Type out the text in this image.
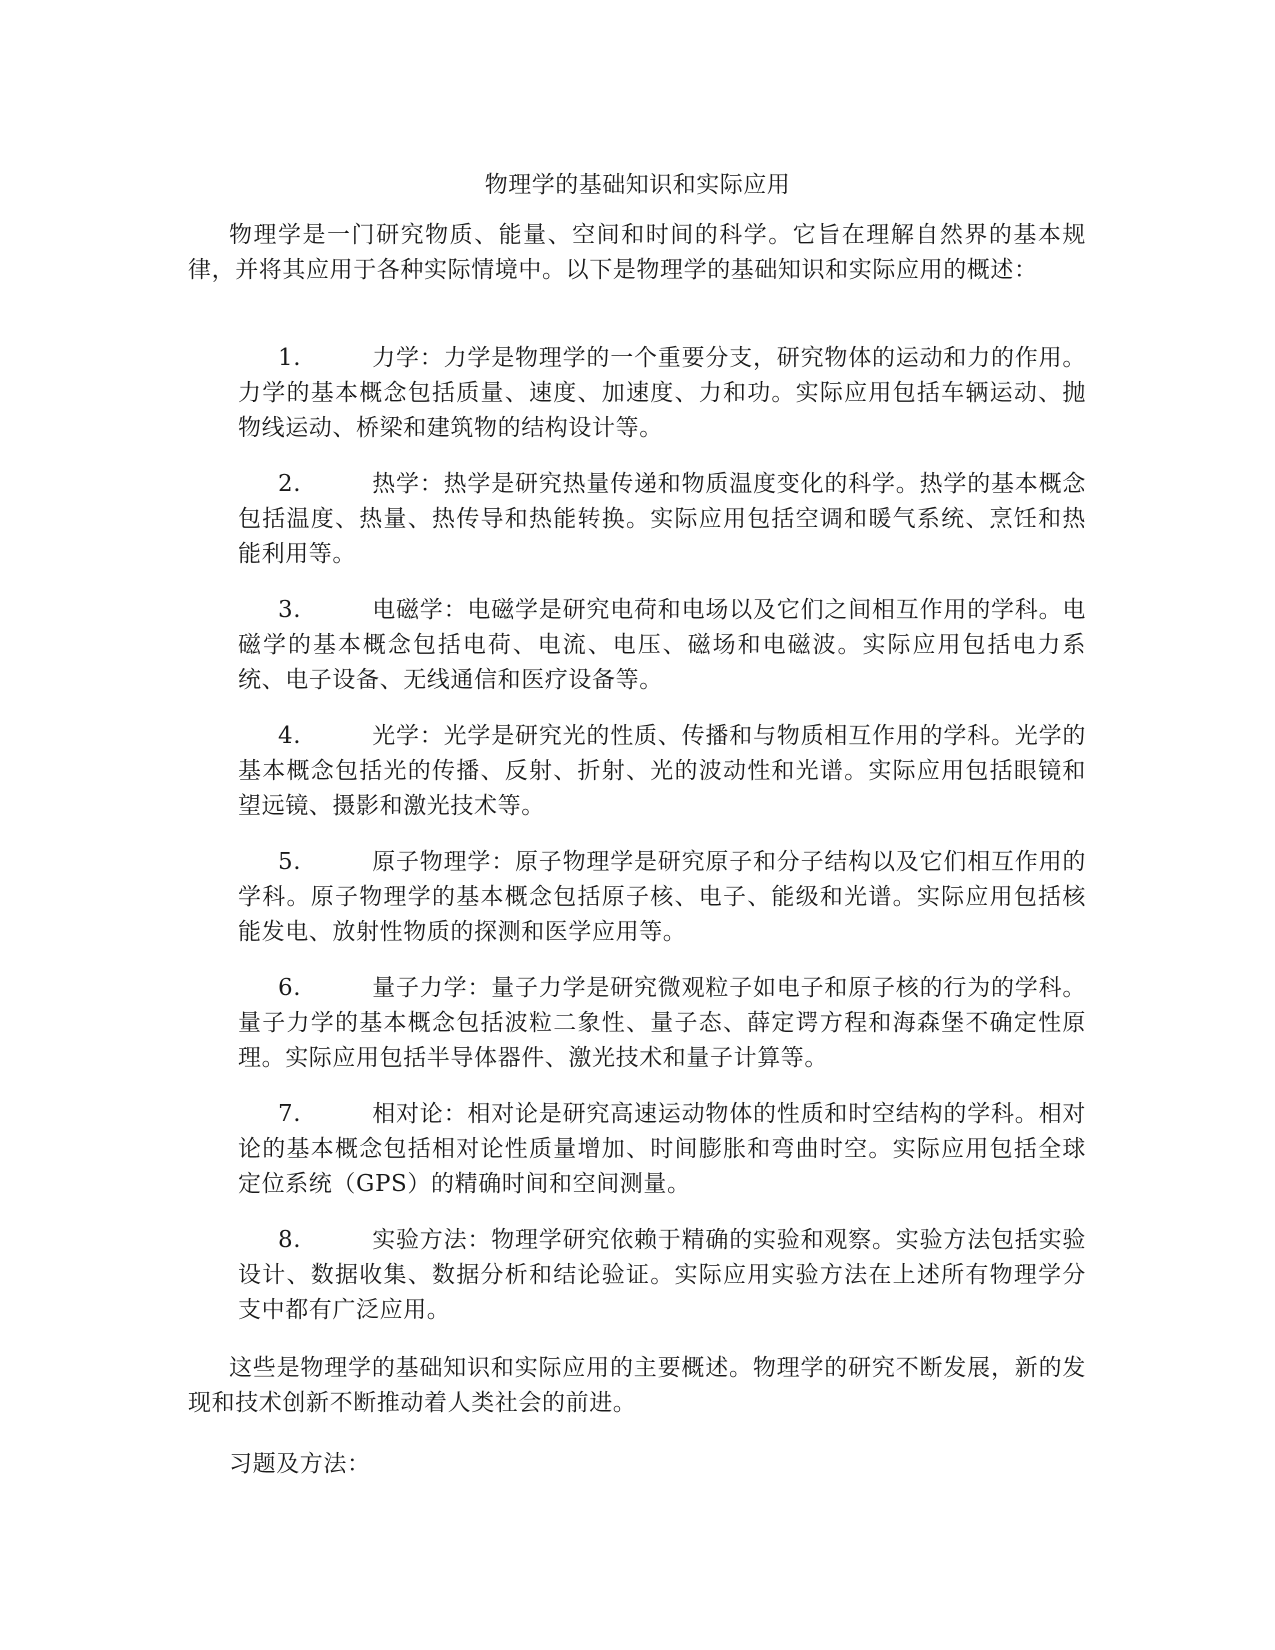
物理学的基础知识和实际应用

物理学是一门研究物质、能量、空间和时间的科学。它旨在理解自然界的基本规律，并将其应用于各种实际情境中。以下是物理学的基础知识和实际应用的概述：

1.	力学：力学是物理学的一个重要分支，研究物体的运动和力的作用。力学的基本概念包括质量、速度、加速度、力和功。实际应用包括车辆运动、抛物线运动、桥梁和建筑物的结构设计等。
2.	热学：热学是研究热量传递和物质温度变化的科学。热学的基本概念包括温度、热量、热传导和热能转换。实际应用包括空调和暖气系统、烹饪和热能利用等。
3.	电磁学：电磁学是研究电荷和电场以及它们之间相互作用的学科。电磁学的基本概念包括电荷、电流、电压、磁场和电磁波。实际应用包括电力系统、电子设备、无线通信和医疗设备等。
4.	光学：光学是研究光的性质、传播和与物质相互作用的学科。光学的基本概念包括光的传播、反射、折射、光的波动性和光谱。实际应用包括眼镜和望远镜、摄影和激光技术等。
5.	原子物理学：原子物理学是研究原子和分子结构以及它们相互作用的学科。原子物理学的基本概念包括原子核、电子、能级和光谱。实际应用包括核能发电、放射性物质的探测和医学应用等。
6.	量子力学：量子力学是研究微观粒子如电子和原子核的行为的学科。量子力学的基本概念包括波粒二象性、量子态、薛定谔方程和海森堡不确定性原理。实际应用包括半导体器件、激光技术和量子计算等。
7.	相对论：相对论是研究高速运动物体的性质和时空结构的学科。相对论的基本概念包括相对论性质量增加、时间膨胀和弯曲时空。实际应用包括全球定位系统（GPS）的精确时间和空间测量。
8.	实验方法：物理学研究依赖于精确的实验和观察。实验方法包括实验设计、数据收集、数据分析和结论验证。实际应用实验方法在上述所有物理学分支中都有广泛应用。

这些是物理学的基础知识和实际应用的主要概述。物理学的研究不断发展，新的发现和技术创新不断推动着人类社会的前进。

习题及方法：
